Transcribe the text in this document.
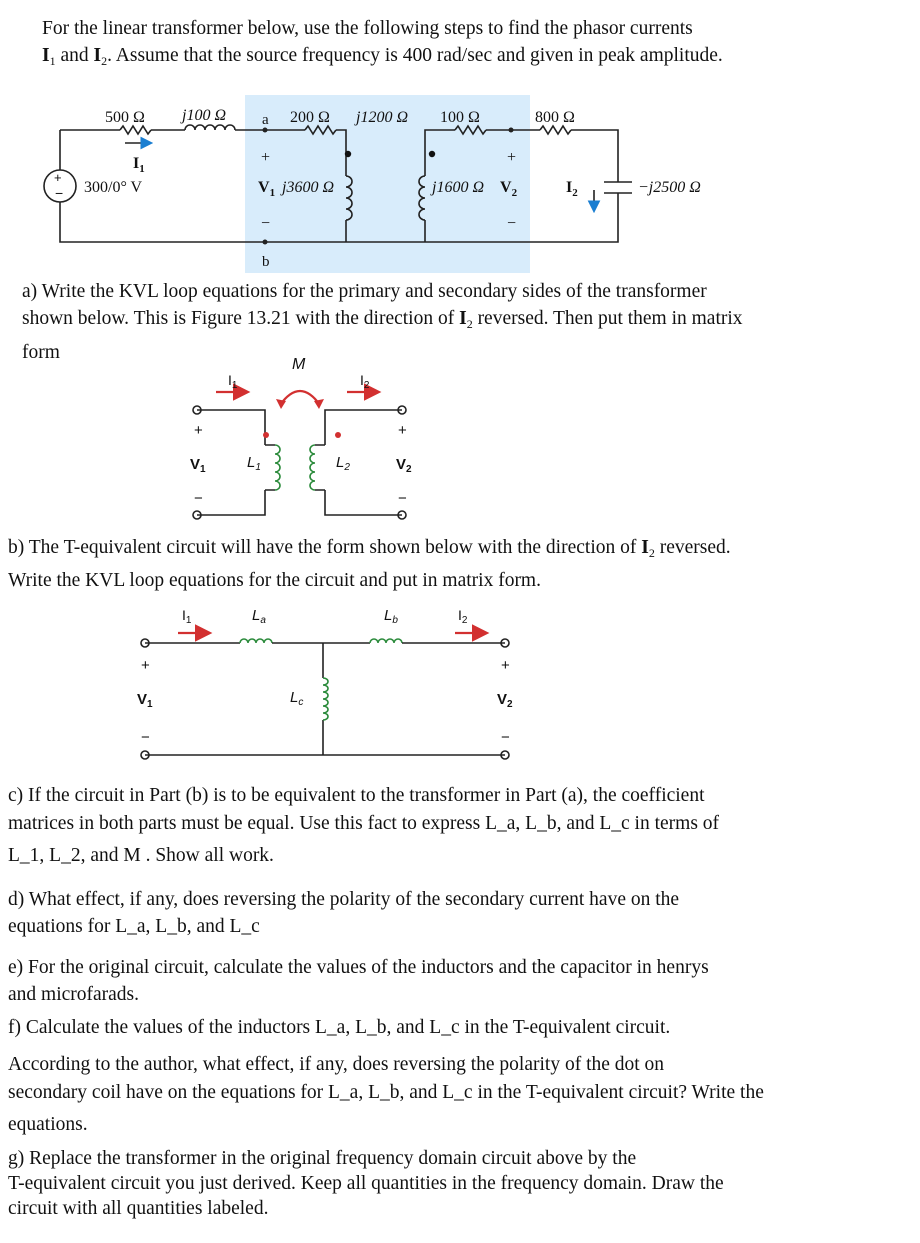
For the linear transformer below, use the following steps to find the phasor currents
$I_1$ and $I_2$. Assume that the source frequency is 400 rad/sec and given in peak amplitude.
+
−
500 Ω j100 Ω a 200 Ω j1200 Ω 100 Ω	800 Ω
$I_1$
300/0° V
+
$V_1$ j3600 Ω
−
j1600 Ω
+
$V_2$
−
$I_2$	−j2500 Ω
b
a) Write the KVL loop equations for the primary and secondary sides of the transformer
shown below. This is Figure 13.21 with the direction of $I_2$ reversed. Then put them in matrix
form
M
$I_1$	$I_2$
+
$V_1$
−
$L_1$	$L_2$
+
$V_2$
−
b) The T-equivalent circuit will have the form shown below with the direction of $I_2$ reversed.
Write the KVL loop equations for the circuit and put in matrix form.
$I_1$	$L_a$	$L_b$	$I_2$
$L_c$
+
$V_1$
−
+
$V_2$
−
c) If the circuit in Part (b) is to be equivalent to the transformer in Part (a), the coefficient
matrices in both parts must be equal. Use this fact to express L_a, L_b, and L_c in terms of
L_1, L_2, and M . Show all work.
d) What effect, if any, does reversing the polarity of the secondary current have on the
equations for L_a, L_b, and L_c
e) For the original circuit, calculate the values of the inductors and the capacitor in henrys
and microfarads.
f) Calculate the values of the inductors L_a, L_b, and L_c in the T-equivalent circuit.
According to the author, what effect, if any, does reversing the polarity of the dot on
secondary coil have on the equations for L_a, L_b, and L_c in the T-equivalent circuit? Write the
equations.
g) Replace the transformer in the original frequency domain circuit above by the
T-equivalent circuit you just derived. Keep all quantities in the frequency domain. Draw the
circuit with all quantities labeled.
